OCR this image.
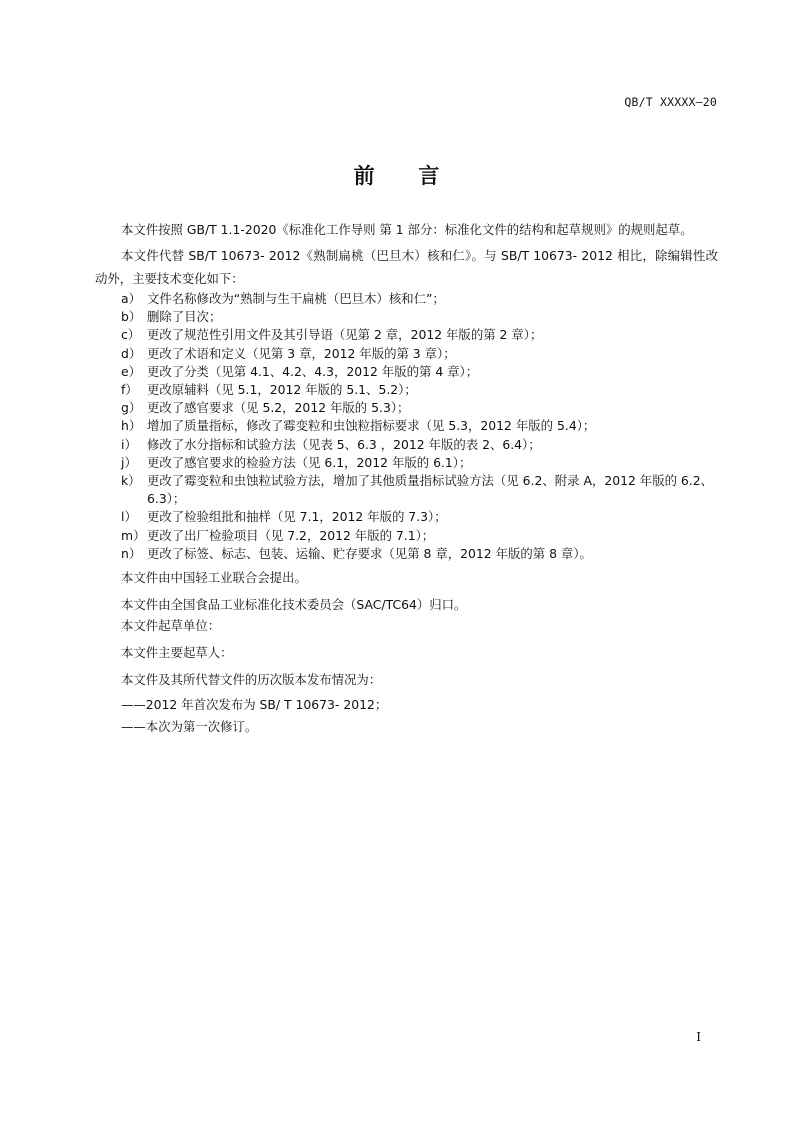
QB/T XXXXX—20
前      言

本文件按照 GB/T 1.1-2020《标准化工作导则 第 1 部分：标准化文件的结构和起草规则》的规则起草。

本文件代替 SB/T 10673- 2012《熟制扁桃（巴旦木）核和仁》。与 SB/T 10673- 2012 相比，除编辑性改动外，主要技术变化如下：

a） 文件名称修改为“熟制与生干扁桃（巴旦木）核和仁”；
b） 删除了目次；
c） 更改了规范性引用文件及其引导语（见第 2 章，2012 年版的第 2 章）；
d） 更改了术语和定义（见第 3 章，2012 年版的第 3 章）；
e） 更改了分类（见第 4.1、4.2、4.3，2012 年版的第 4 章）；
f） 更改原辅料（见 5.1，2012 年版的 5.1、5.2）；
g） 更改了感官要求（见 5.2，2012 年版的 5.3）；
h） 增加了质量指标，修改了霉变粒和虫蚀粒指标要求（见 5.3，2012 年版的 5.4）；
i） 修改了水分指标和试验方法（见表 5、6.3 ，2012 年版的表 2、6.4）；
j） 更改了感官要求的检验方法（见 6.1，2012 年版的 6.1）；
k） 更改了霉变粒和虫蚀粒试验方法，增加了其他质量指标试验方法（见 6.2、附录 A，2012 年版的 6.2、6.3）；
l） 更改了检验组批和抽样（见 7.1，2012 年版的 7.3）；
m） 更改了出厂检验项目（见 7.2，2012 年版的 7.1）；
n） 更改了标签、标志、包装、运输、贮存要求（见第 8 章，2012 年版的第 8 章）。
本文件由中国轻工业联合会提出。
本文件由全国食品工业标准化技术委员会（SAC/TC64）归口。
本文件起草单位：
本文件主要起草人：
本文件及其所代替文件的历次版本发布情况为：
——2012 年首次发布为 SB/ T 10673- 2012；
——本次为第一次修订。
I
